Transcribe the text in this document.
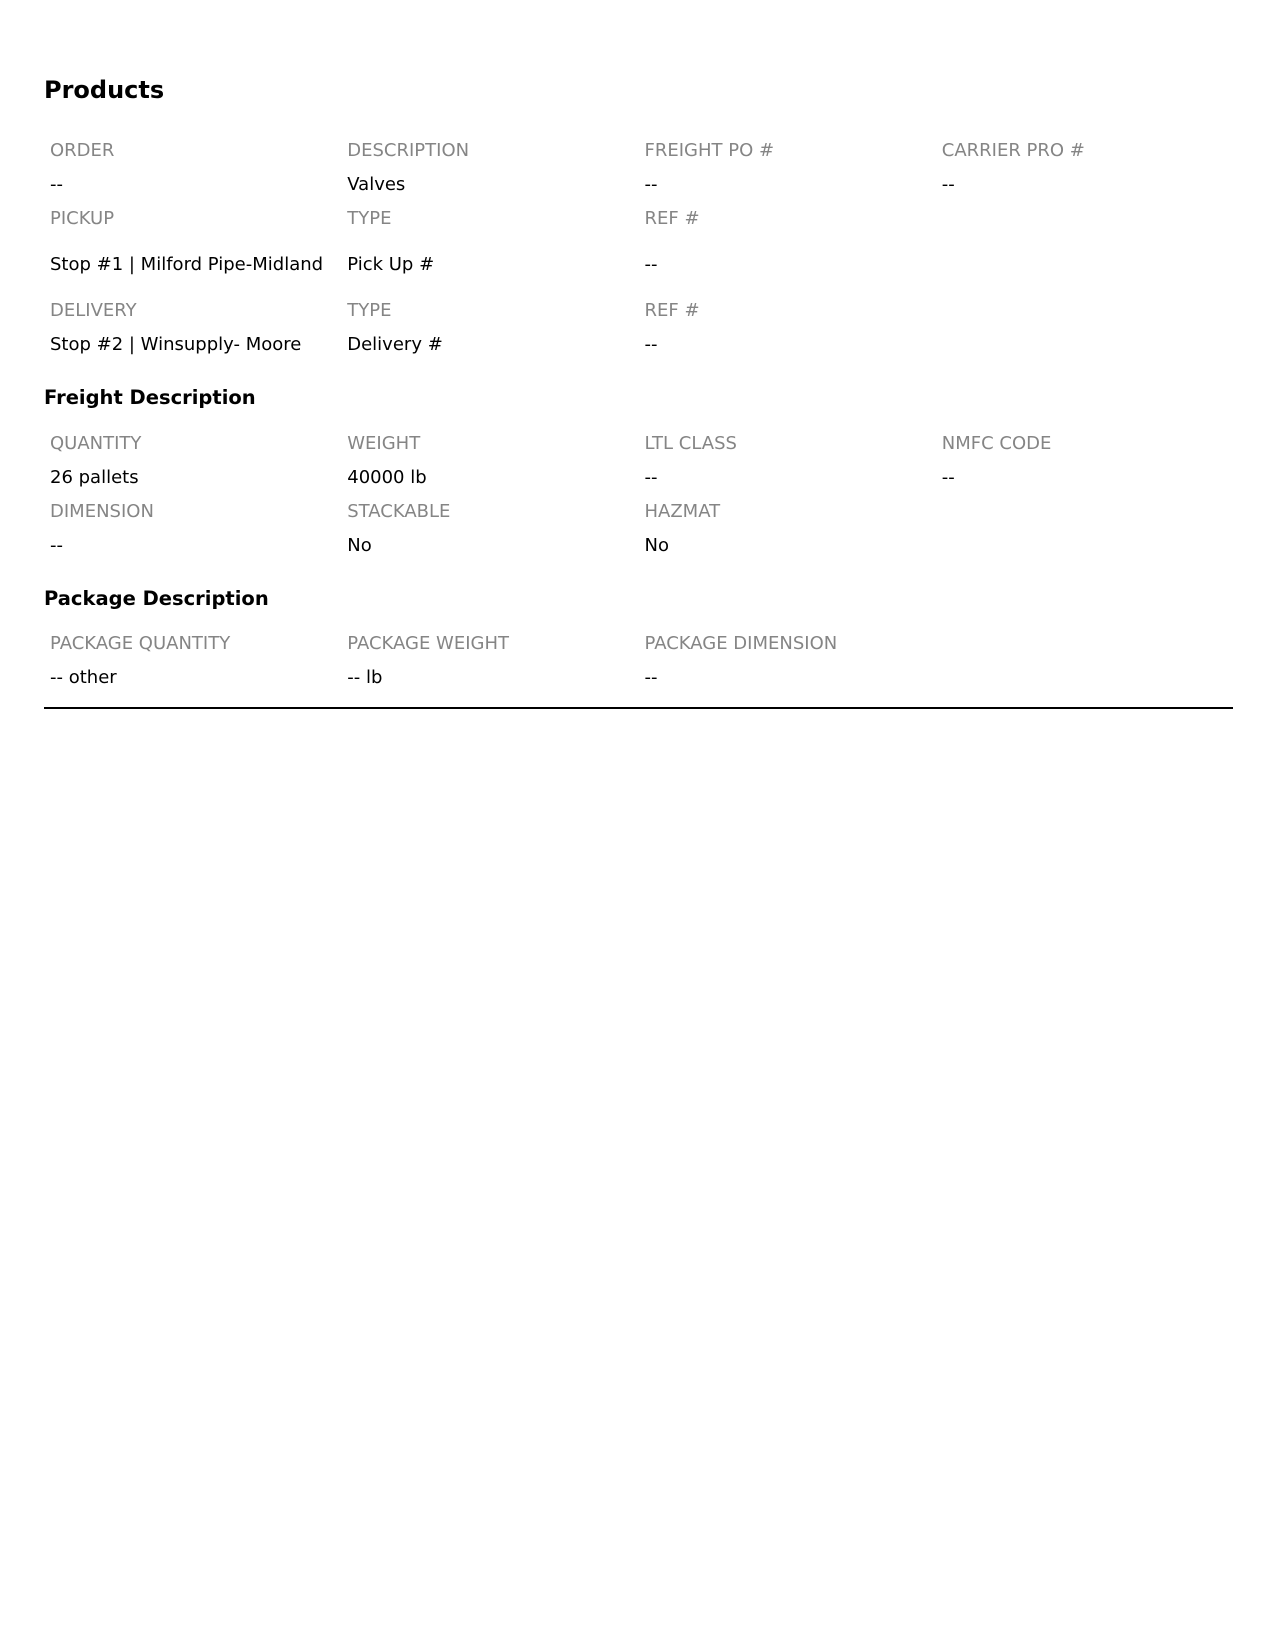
Products
ORDER	DESCRIPTION	FREIGHT PO #	CARRIER PRO #
--	Valves	--	--
PICKUP	TYPE	REF #	
Stop #1 | Milford Pipe-Midland	Pick Up #	--	
DELIVERY	TYPE	REF #	
Stop #2 | Winsupply- Moore	Delivery #	--	
Freight Description
QUANTITY	WEIGHT	LTL CLASS	NMFC CODE
26 pallets	40000 lb	--	--
DIMENSION	STACKABLE	HAZMAT	
--	No	No	
Package Description
PACKAGE QUANTITY	PACKAGE WEIGHT	PACKAGE DIMENSION	
-- other	-- lb	--	
